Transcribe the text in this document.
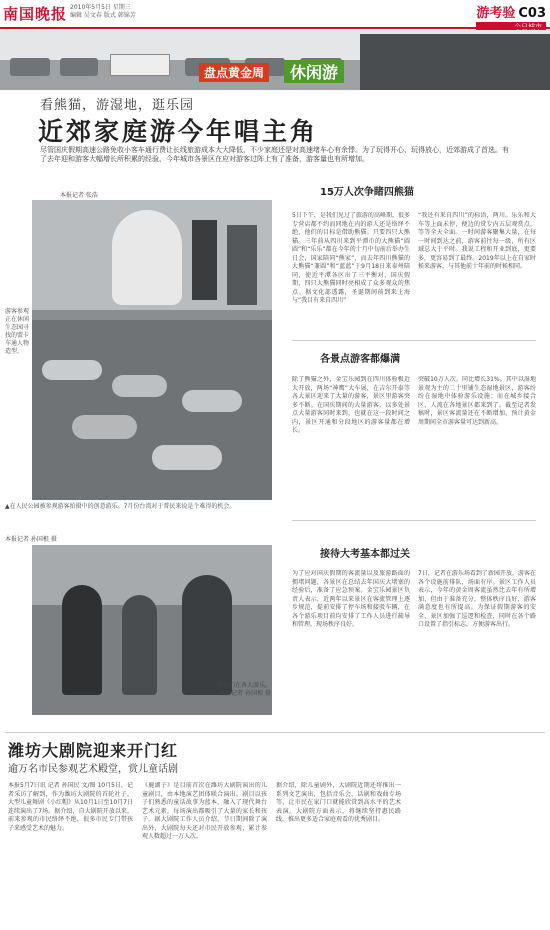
南国晚报 2010年5月5日 星期三
编辑 吴文春 版式 韩锦芳	游考验 C03
盘点黄金周	休闲游
看熊猫，游湿地，逛乐园
近郊家庭游今年唱主角
尽管国庆假期高速公路免收小客车通行费让长线旅游成本大大降低，不少家庭还是对高速堵车心有余悸。为了玩得开心、玩得放心，近郊游成了首选。有了去年迎和游客大幅增长所积累的经验，今年城市各景区在应对游客过阵上有了准备，游客量也有所增加。
本报记者 张浩
游客参观正在休闲生态园寻找的盟卡车通人物造型。
▲在人民公园被参观游客拍摄中的创意游乐。7月份台湾对于普民来说是个难得的机会。
本报记者 孙国根 摄
游客们在各大游乐。
本报记者 孙国根 摄
15万人次争睹四熊猫
5日下午，是我们见过了旅游的高峰期，很多专营店都不约而同地在内的游人还是络绎不绝，他们的目标是借助熊猫。只要四只大熊猫。三年前从四川来到平潭市的大熊猫“圆圆”和“乐乐”都在今年的十月中旬前后举办生日会，国家陪同“熊家”，而去年四川熊猫的大熊猫“兼圆”和“蓝蓝”于9月18日来泰州陪同，使近平潭各区出了三平衡对，国庆假期，四只大熊猫同时亮相成了众多观众的焦点。据文化部透露，圣诞期间前到来上海与“我目有来自四川”
“我还有来自四川”的标语，两川。乐乐和大车等上面未停，便边的赏专内五层观赏点，等等全天全面。一时间游客聚集大量，在每一时间到达之前，游客前往每一级，所有区域总大于平时。我说工程和开业到底，更要多，更容易到了最终。2019年以上在自家时候来游客，与其他前十年前的时候相同。
各景点游客都爆满
除了熊猫之外，金宝乐园到在四川体验极近大开放，两场“神鹰”大车展，在吉尔开泰等各大景区迎来了大量的游客，景区里游客突多不断。在国庆期间的大量游客，以多处景点大量游客同时来到，也就在这一段时间之内，景区开通和分段地区的游客量都在增长。
突破10万人次，同比增长31%。其中以湿地景观为主的二十里铺生态湿地景区，游客纷纷在湿地中体验游乐设施；而在城乡接合区，人流在各地景区都来到了。截至记者发稿时，景区客流量还在不断增加，预计黄金周期间全市游客量可达到新高。
接待大考基本都过关
为了应对国庆假期的客流量以及旅游路面的拥堵问题，各景区在总结去年国庆大堵塞的经验后，准备了应急预案。金宝乐园景区负责人表示，近两年以来景区在客流管理上逐步规范，提前安排了停车场和接驳车辆，在各个游乐项目前均安排了工作人员进行疏导和管理，现场秩序良好。
7日，记者在游乐场看到了新园开放，游客在各个设施前排队，场面有序。景区工作人员表示，今年的黄金周客流虽然比去年有所增加，但由于准备充分，整体秩序良好，游客满意度也有所提高。为保证假期游客的安全，景区加强了巡逻和检查，同时在各个路口设置了指引标志，方便游客出行。
潍坊大剧院迎来开门红
逾万名市民参观艺术殿堂，赏儿童话剧
本报5月7日讯 记者 孙国民 文/图 10月5日，记者采访了解到，作为潍坊大剧院的首轮社子，大型儿童舞剧《小红帽》从10月1日至10月7日连续演出了7场。据介绍，自大剧院开放以来，前来参观的市民络绎不绝，很多市民专门带孩子来感受艺术的魅力。
《鹿湖子》是目前首次在潍坊大剧院演出的儿童剧目，由本地演艺团体联合演出。剧目以孩子们熟悉的童话故事为蓝本，融入了现代舞台艺术元素，每场演出都吸引了大量的家长和孩子。据大剧院工作人员介绍，节日期间除了演出外，大剧院每天还对市民开放参观，累计参观人数超过一万人次。
据介绍，除儿童剧外，大剧院近期还将推出一系列文艺演出，包括音乐会、话剧和戏曲专场等，让市民在家门口就能欣赏到高水平的艺术表演。大剧院方面表示，将继续坚持惠民路线，推出更多适合家庭观看的优秀剧目。
